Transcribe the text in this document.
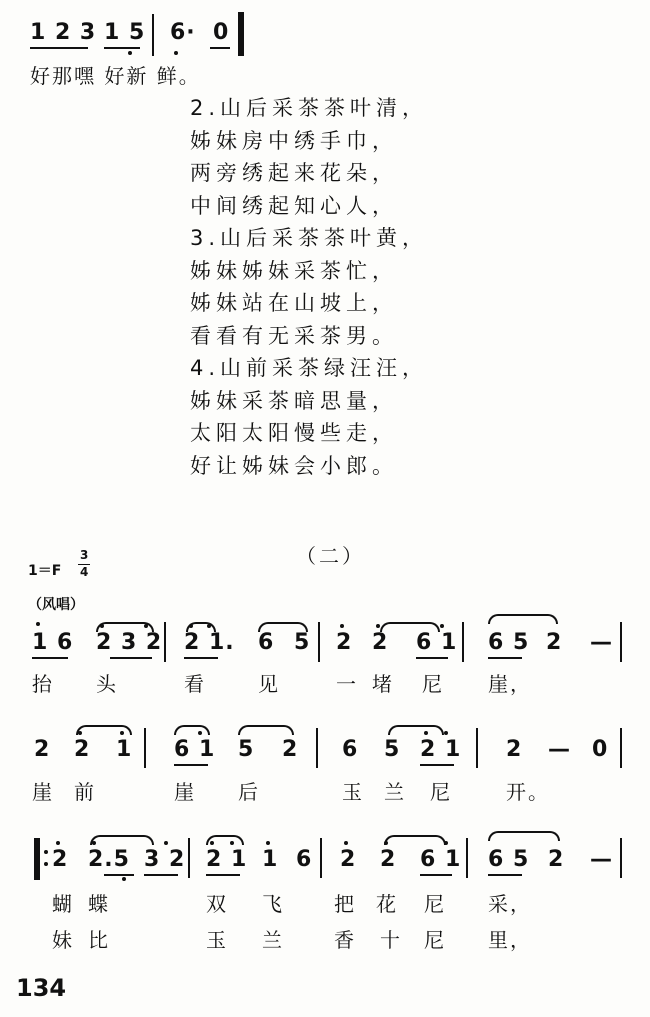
1 2 3 1 5 6· 0
好那嘿 好新 鲜。
2.山后采茶茶叶清，
姊妹房中绣手巾，
两旁绣起来花朵，
中间绣起知心人，
3.山后采茶茶叶黄，
姊妹姊妹采茶忙，
姊妹站在山坡上，
看看有无采茶男。
4.山前采茶绿汪汪，
姊妹采茶暗思量，
太阳太阳慢些走，
好让姊妹会小郎。
（二）
1＝F
3
4
（风唱）
1 6 2 3 2 2 1. 6 5 2 2 6 1 6 5 2 —
抬 头	看	见	一 堵 尼 崖，
2 2 1 6 1 5 2 6 5 2 1 2 — 0
崖 前	崖 后	玉 兰 尼	开。
2 2.5 3 2 2 1 1 6 2 2 6 1 6 5 2 —
蝴 蝶	双 飞	把 花 尼 采，
妹 比	玉 兰	香 十 尼 里，
134
